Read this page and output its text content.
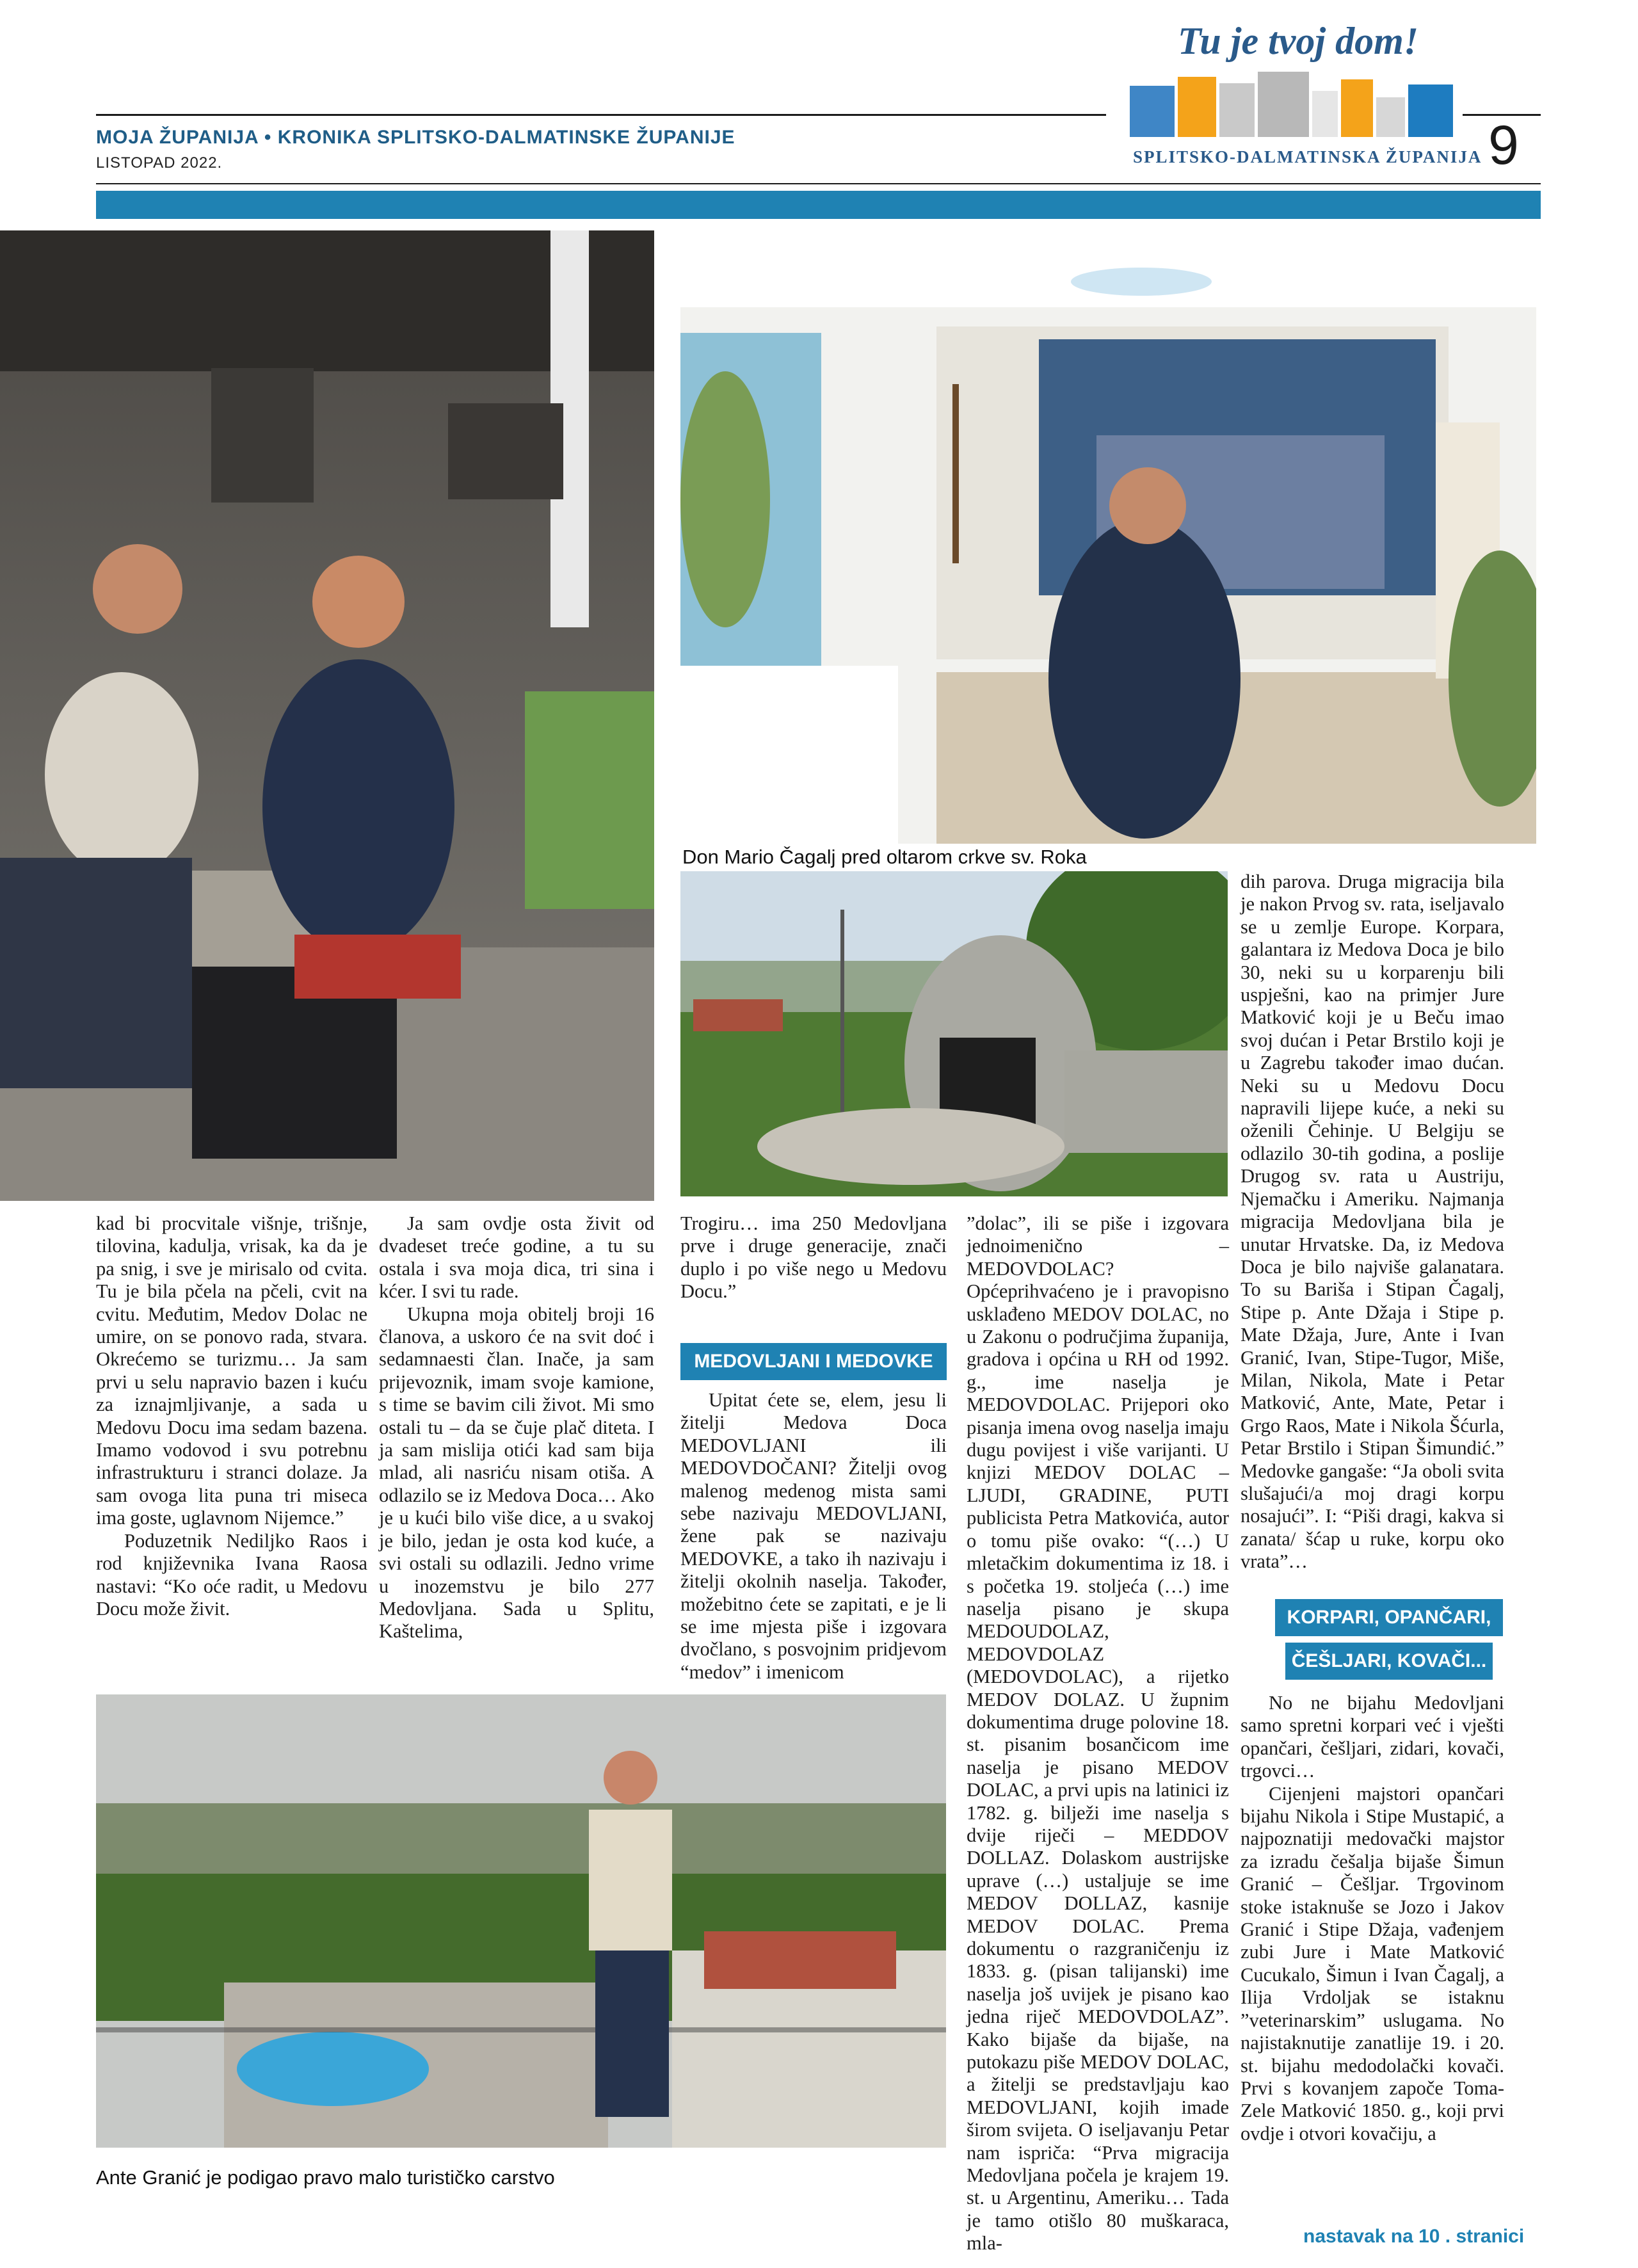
Tu je tvoj dom!
SPLITSKO-DALMATINSKA ŽUPANIJA
MOJA ŽUPANIJA • KRONIKA SPLITSKO-DALMATINSKE ŽUPANIJE
LISTOPAD 2022.	9
Don Mario Čagalj pred oltarom crkve sv. Roka
Ante Granić je podigao pravo malo turističko carstvo

kad bi procvitale višnje, trišnje, tilovina, kadulja, vrisak, ka da je pa snig, i sve je mirisalo od cvita. Tu je bila pčela na pčeli, cvit na cvitu. Međutim, Medov Dolac ne umire, on se ponovo rada, stvara. Okrećemo se turizmu… Ja sam prvi u selu napravio bazen i kuću za iznajmljivanje, a sada u Medovu Docu ima sedam bazena. Imamo vodovod i svu potrebnu infrastrukturu i stranci dolaze. Ja sam ovoga lita puna tri miseca ima goste, uglavnom Nijemce.”

Poduzetnik Nediljko Raos i rod književnika Ivana Raosa nastavi: “Ko oće radit, u Medovu Docu može živit.

Ja sam ovdje osta živit od dvadeset treće godine, a tu su ostala i sva moja dica, tri sina i kćer. I svi tu rade.

Ukupna moja obitelj broji 16 članova, a uskoro će na svit doć i sedamnaesti član. Inače, ja sam prijevoznik, imam svoje kamione, s time se bavim cili život. Mi smo ostali tu – da se čuje plač diteta. I ja sam mislija otići kad sam bija mlad, ali nasriću nisam otiša. A odlazilo se iz Medova Doca… Ako je u kući bilo više dice, a u svakoj je bilo, jedan je osta kod kuće, a svi ostali su odlazili. Jedno vrime u inozemstvu je bilo 277 Medovljana. Sada u Splitu, Kaštelima,

Trogiru… ima 250 Medovljana prve i druge generacije, znači duplo i po više nego u Medovu Docu.”

MEDOVLJANI I MEDOVKE

Upitat ćete se, elem, jesu li žitelji Medova Doca MEDOVLJANI ili MEDOVDOČANI? Žitelji ovog malenog medenog mista sami sebe nazivaju MEDOVLJANI, žene pak se nazivaju MEDOVKE, a tako ih nazivaju i žitelji okolnih naselja. Također, možebitno ćete se zapitati, e je li se ime mjesta piše i izgovara dvočlano, s posvojnim pridjevom “medov” i imenicom

”dolac”, ili se piše i izgovara jednoimenično – MEDOVDOLAC? Općeprihvaćeno je i pravopisno usklađeno MEDOV DOLAC, no u Zakonu o područjima županija, gradova i općina u RH od 1992. g., ime naselja je MEDOVDOLAC. Prijepori oko pisanja imena ovog naselja imaju dugu povijest i više varijanti. U knjizi MEDOV DOLAC – LJUDI, GRADINE, PUTI publicista Petra Matkovića, autor o tomu piše ovako: “(…) U mletačkim dokumentima iz 18. i s početka 19. stoljeća (…) ime naselja pisano je skupa MEDOUDOLAZ, MEDOVDOLAZ (MEDOVDOLAC), a rijetko MEDOV DOLAZ. U župnim dokumentima druge polovine 18. st. pisanim bosančicom ime naselja je pisano MEDOV DOLAC, a prvi upis na latinici iz 1782. g. bilježi ime naselja s dvije riječi – MEDDOV DOLLAZ. Dolaskom austrijske uprave (…) ustaljuje se ime MEDOV DOLLAZ, kasnije MEDOV DOLAC. Prema dokumentu o razgraničenju iz 1833. g. (pisan talijanski) ime naselja još uvijek je pisano kao jedna riječ MEDOVDOLAZ”. Kako bijaše da bijaše, na putokazu piše MEDOV DOLAC, a žitelji se predstavljaju kao MEDOVLJANI, kojih imade širom svijeta. O iseljavanju Petar nam ispriča: “Prva migracija Medovljana počela je krajem 19. st. u Argentinu, Ameriku… Tada je tamo otišlo 80 muškaraca, mla-

dih parova. Druga migracija bila je nakon Prvog sv. rata, iseljavalo se u zemlje Europe. Korpara, galantara iz Medova Doca je bilo 30, neki su u korparenju bili uspješni, kao na primjer Jure Matković koji je u Beču imao svoj dućan i Petar Brstilo koji je u Zagrebu također imao dućan. Neki su u Medovu Docu napravili lijepe kuće, a neki su oženili Čehinje. U Belgiju se odlazilo 30-tih godina, a poslije Drugog sv. rata u Austriju, Njemačku i Ameriku. Najmanja migracija Medovljana bila je unutar Hrvatske. Da, iz Medova Doca je bilo najviše galanatara. To su Bariša i Stipan Čagalj, Stipe p. Ante Džaja i Stipe p. Mate Džaja, Jure, Ante i Ivan Granić, Ivan, Stipe-Tugor, Miše, Milan, Nikola, Mate i Petar Matković, Ante, Mate, Petar i Grgo Raos, Mate i Nikola Šćurla, Petar Brstilo i Stipan Šimundić.” Medovke gangaše: “Ja oboli svita slušajući/a moj dragi korpu nosajući”. I: “Piši dragi, kakva si zanata/ šćap u ruke, korpu oko vrata”…

KORPARI, OPANČARI,
ČEŠLJARI, KOVAČI...

No ne bijahu Medovljani samo spretni korpari već i vješti opančari, češljari, zidari, kovači, trgovci…

Cijenjeni majstori opančari bijahu Nikola i Stipe Mustapić, a najpoznatiji medovački majstor za izradu češalja bijaše Šimun Granić – Češljar. Trgovinom stoke istaknuše se Jozo i Jakov Granić i Stipe Džaja, vađenjem zubi Jure i Mate Matković Cucukalo, Šimun i Ivan Čagalj, a Ilija Vrdoljak se istaknu ”veterinarskim” uslugama. No najistaknutije zanatlije 19. i 20. st. bijahu medodolački kovači. Prvi s kovanjem započe Toma-Zele Matković 1850. g., koji prvi ovdje i otvori kovačiju, a

nastavak na 10 . stranici
